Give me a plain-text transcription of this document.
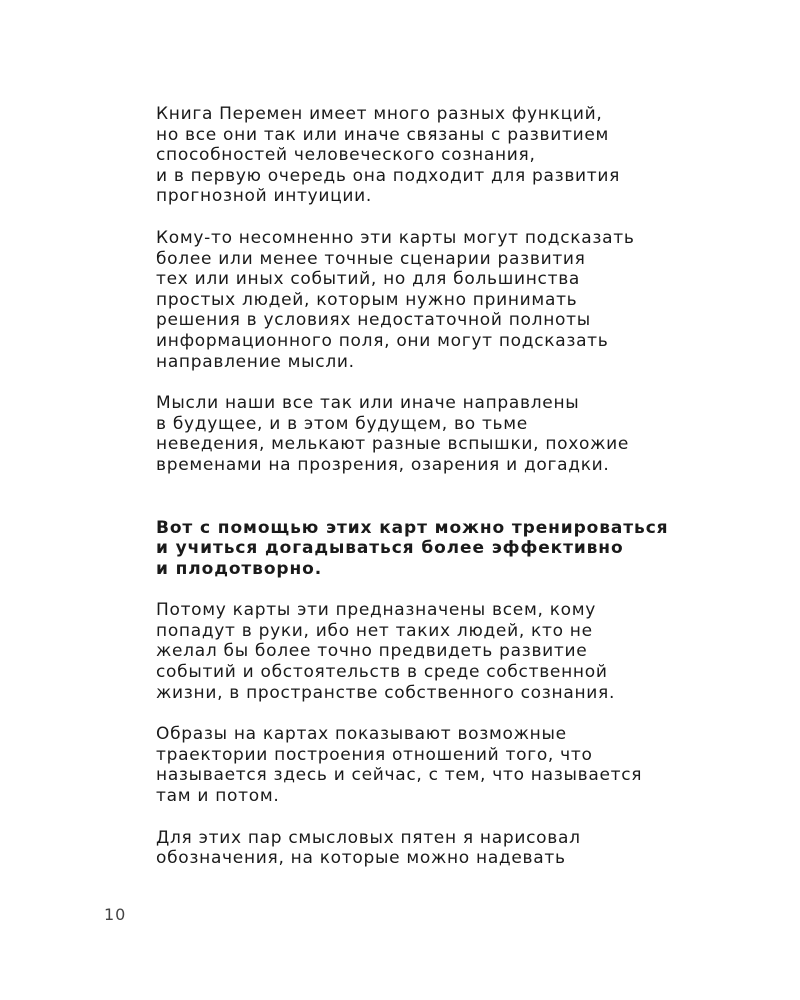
Книга Перемен имеет много разных функций,
но все они так или иначе связаны с развитием
способностей человеческого сознания,
и в первую очередь она подходит для развития
прогнозной интуиции.

Кому-то несомненно эти карты могут подсказать
более или менее точные сценарии развития
тех или иных событий, но для большинства
простых людей, которым нужно принимать
решения в условиях недостаточной полноты
информационного поля, они могут подсказать
направление мысли.

Мысли наши все так или иначе направлены
в будущее, и в этом будущем, во тьме
неведения, мелькают разные вспышки, похожие
временами на прозрения, озарения и догадки.

Вот с помощью этих карт можно тренироваться
и учиться догадываться более эффективно
и плодотворно.

Потому карты эти предназначены всем, кому
попадут в руки, ибо нет таких людей, кто не
желал бы более точно предвидеть развитие
событий и обстоятельств в среде собственной
жизни, в пространстве собственного сознания.

Образы на картах показывают возможные
траектории построения отношений того, что
называется здесь и сейчас, с тем, что называется
там и потом.

Для этих пар смысловых пятен я нарисовал
обозначения, на которые можно надевать

10
